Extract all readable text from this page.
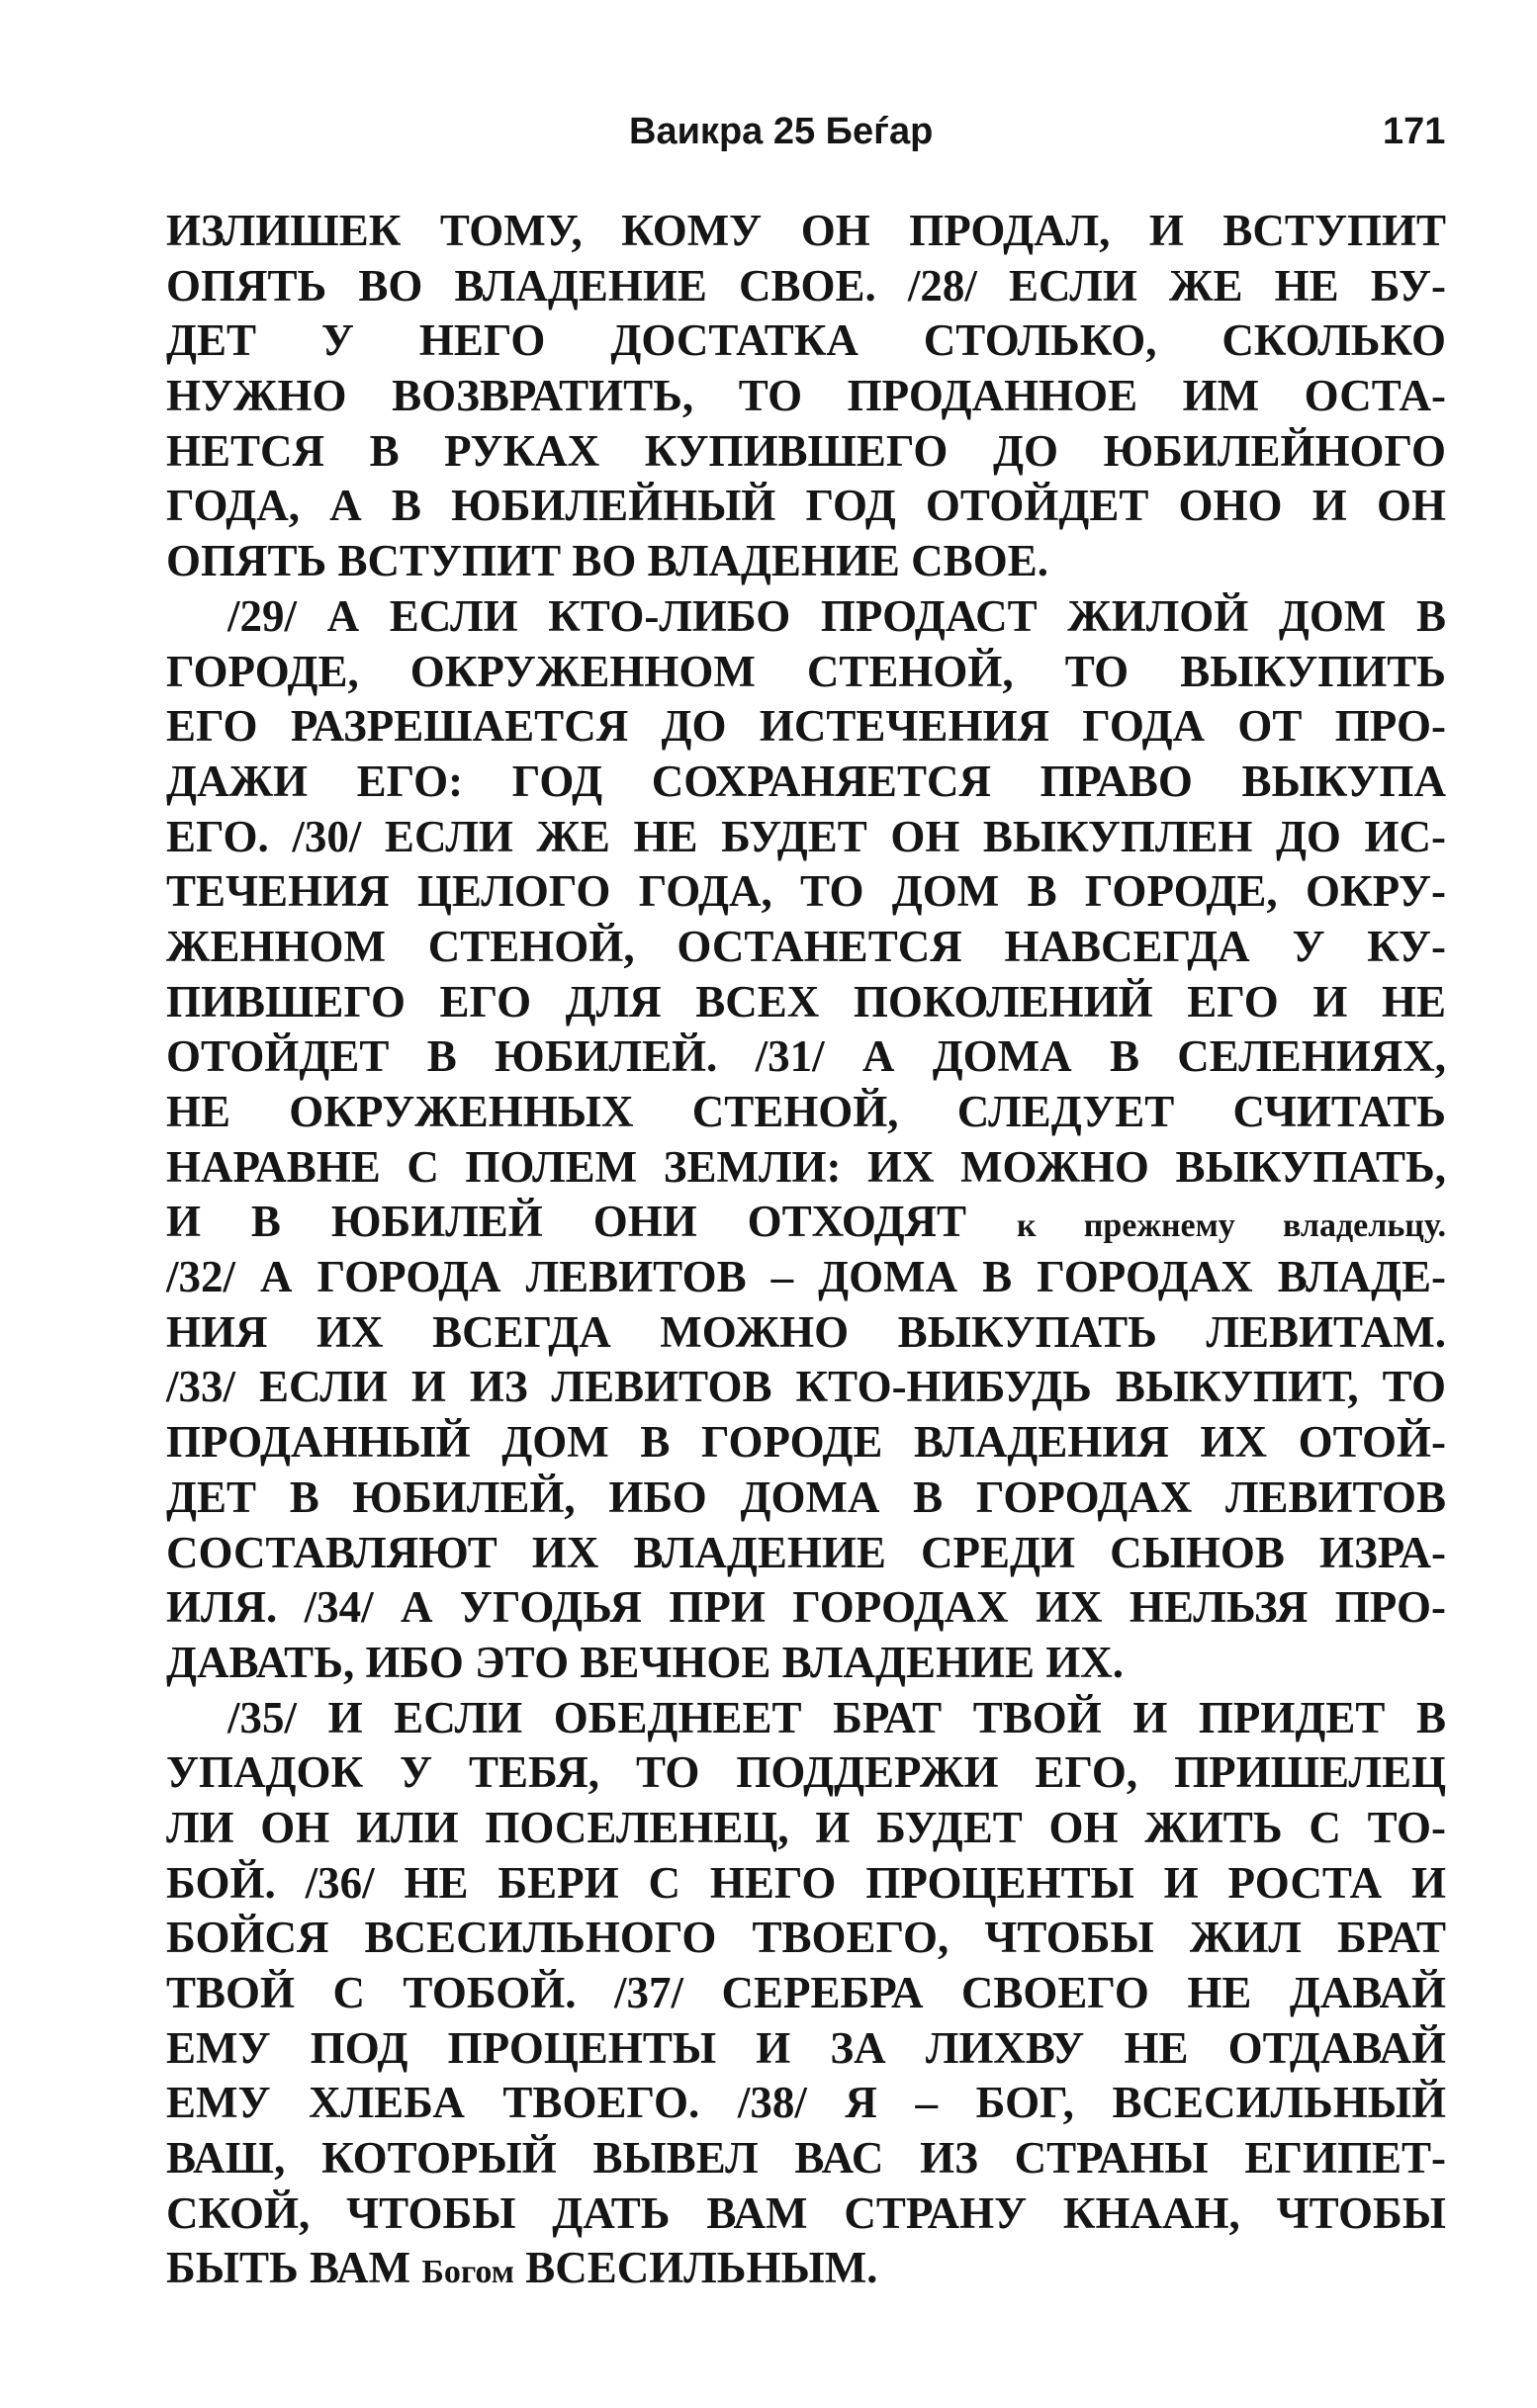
Ваикра 25 Беѓар	171
ИЗЛИШЕК ТОМУ, КОМУ ОН ПРОДАЛ, И ВСТУПИТ
ОПЯТЬ ВО ВЛАДЕНИЕ СВОЕ. /28/ ЕСЛИ ЖЕ НЕ БУ-
ДЕТ У НЕГО ДОСТАТКА СТОЛЬКО, СКОЛЬКО
НУЖНО ВОЗВРАТИТЬ, ТО ПРОДАННОЕ ИМ ОСТА-
НЕТСЯ В РУКАХ КУПИВШЕГО ДО ЮБИЛЕЙНОГО
ГОДА, А В ЮБИЛЕЙНЫЙ ГОД ОТОЙДЕТ ОНО И ОН
ОПЯТЬ ВСТУПИТ ВО ВЛАДЕНИЕ СВОЕ.
/29/ А ЕСЛИ КТО-ЛИБО ПРОДАСТ ЖИЛОЙ ДОМ В
ГОРОДЕ, ОКРУЖЕННОМ СТЕНОЙ, ТО ВЫКУПИТЬ
ЕГО РАЗРЕШАЕТСЯ ДО ИСТЕЧЕНИЯ ГОДА ОТ ПРО-
ДАЖИ ЕГО: ГОД СОХРАНЯЕТСЯ ПРАВО ВЫКУПА
ЕГО. /30/ ЕСЛИ ЖЕ НЕ БУДЕТ ОН ВЫКУПЛЕН ДО ИС-
ТЕЧЕНИЯ ЦЕЛОГО ГОДА, ТО ДОМ В ГОРОДЕ, ОКРУ-
ЖЕННОМ СТЕНОЙ, ОСТАНЕТСЯ НАВСЕГДА У КУ-
ПИВШЕГО ЕГО ДЛЯ ВСЕХ ПОКОЛЕНИЙ ЕГО И НЕ
ОТОЙДЕТ В ЮБИЛЕЙ. /31/ А ДОМА В СЕЛЕНИЯХ,
НЕ ОКРУЖЕННЫХ СТЕНОЙ, СЛЕДУЕТ СЧИТАТЬ
НАРАВНЕ С ПОЛЕМ ЗЕМЛИ: ИХ МОЖНО ВЫКУПАТЬ,
И В ЮБИЛЕЙ ОНИ ОТХОДЯТ к прежнему владельцу.
/32/ А ГОРОДА ЛЕВИТОВ – ДОМА В ГОРОДАХ ВЛАДЕ-
НИЯ ИХ ВСЕГДА МОЖНО ВЫКУПАТЬ ЛЕВИТАМ.
/33/ ЕСЛИ И ИЗ ЛЕВИТОВ КТО-НИБУДЬ ВЫКУПИТ, ТО
ПРОДАННЫЙ ДОМ В ГОРОДЕ ВЛАДЕНИЯ ИХ ОТОЙ-
ДЕТ В ЮБИЛЕЙ, ИБО ДОМА В ГОРОДАХ ЛЕВИТОВ
СОСТАВЛЯЮТ ИХ ВЛАДЕНИЕ СРЕДИ СЫНОВ ИЗРА-
ИЛЯ. /34/ А УГОДЬЯ ПРИ ГОРОДАХ ИХ НЕЛЬЗЯ ПРО-
ДАВАТЬ, ИБО ЭТО ВЕЧНОЕ ВЛАДЕНИЕ ИХ.
/35/ И ЕСЛИ ОБЕДНЕЕТ БРАТ ТВОЙ И ПРИДЕТ В
УПАДОК У ТЕБЯ, ТО ПОДДЕРЖИ ЕГО, ПРИШЕЛЕЦ
ЛИ ОН ИЛИ ПОСЕЛЕНЕЦ, И БУДЕТ ОН ЖИТЬ С ТО-
БОЙ. /36/ НЕ БЕРИ С НЕГО ПРОЦЕНТЫ И РОСТА И
БОЙСЯ ВСЕСИЛЬНОГО ТВОЕГО, ЧТОБЫ ЖИЛ БРАТ
ТВОЙ С ТОБОЙ. /37/ СЕРЕБРА СВОЕГО НЕ ДАВАЙ
ЕМУ ПОД ПРОЦЕНТЫ И ЗА ЛИХВУ НЕ ОТДАВАЙ
ЕМУ ХЛЕБА ТВОЕГО. /38/ Я – БОГ, ВСЕСИЛЬНЫЙ
ВАШ, КОТОРЫЙ ВЫВЕЛ ВАС ИЗ СТРАНЫ ЕГИПЕТ-
СКОЙ, ЧТОБЫ ДАТЬ ВАМ СТРАНУ КНААН, ЧТОБЫ
БЫТЬ ВАМ Богом ВСЕСИЛЬНЫМ.
